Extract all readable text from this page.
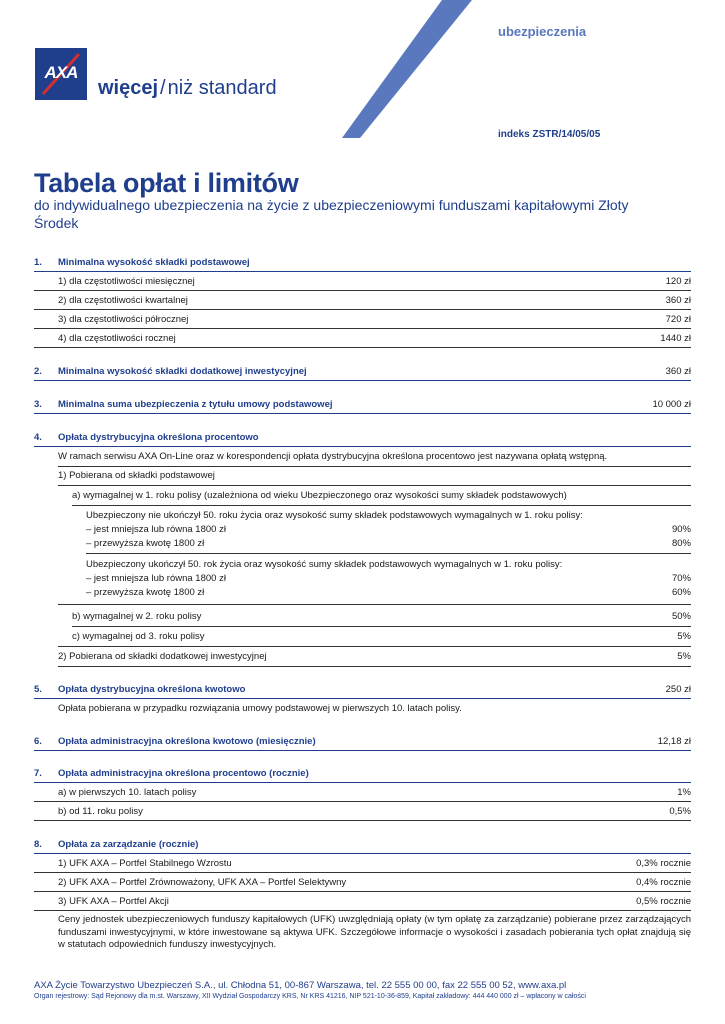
AXA
więcej / niż standard
ubezpieczenia
indeks ZSTR/14/05/05
Tabela opłat i limitów
do indywidualnego ubezpieczenia na życie z ubezpieczeniowymi funduszami kapitałowymi Złoty Środek
1. Minimalna wysokość składki podstawowej
1) dla częstotliwości miesięcznej	120 zł
2) dla częstotliwości kwartalnej	360 zł
3) dla częstotliwości półrocznej	720 zł
4) dla częstotliwości rocznej	1440 zł
2. Minimalna wysokość składki dodatkowej inwestycyjnej	360 zł
3. Minimalna suma ubezpieczenia z tytułu umowy podstawowej	10 000 zł
4. Opłata dystrybucyjna określona procentowo
W ramach serwisu AXA On-Line oraz w korespondencji opłata dystrybucyjna określona procentowo jest nazywana opłatą wstępną.
1) Pobierana od składki podstawowej
a) wymagalnej w 1. roku polisy (uzależniona od wieku Ubezpieczonego oraz wysokości sumy składek podstawowych)
Ubezpieczony nie ukończył 50. roku życia oraz wysokość sumy składek podstawowych wymagalnych w 1. roku polisy:
– jest mniejsza lub równa 1800 zł	90%
– przewyższa kwotę 1800 zł	80%
Ubezpieczony ukończył 50. rok życia oraz wysokość sumy składek podstawowych wymagalnych w 1. roku polisy:
– jest mniejsza lub równa 1800 zł	70%
– przewyższa kwotę 1800 zł	60%
b) wymagalnej w 2. roku polisy	50%
c) wymagalnej od 3. roku polisy	5%
2) Pobierana od składki dodatkowej inwestycyjnej	5%
5. Opłata dystrybucyjna określona kwotowo	250 zł
Opłata pobierana w przypadku rozwiązania umowy podstawowej w pierwszych 10. latach polisy.
6. Opłata administracyjna określona kwotowo (miesięcznie)	12,18 zł
7. Opłata administracyjna określona procentowo (rocznie)
a) w pierwszych 10. latach polisy	1%
b) od 11. roku polisy	0,5%
8. Opłata za zarządzanie (rocznie)
1) UFK AXA – Portfel Stabilnego Wzrostu	0,3% rocznie
2) UFK AXA – Portfel Zrównoważony, UFK AXA – Portfel Selektywny	0,4% rocznie
3) UFK AXA – Portfel Akcji	0,5% rocznie
Ceny jednostek ubezpieczeniowych funduszy kapitałowych (UFK) uwzględniają opłaty (w tym opłatę za zarządzanie) pobierane przez zarządzających funduszami inwestycyjnymi, w które inwestowane są aktywa UFK. Szczegółowe informacje o wysokości i zasadach pobierania tych opłat znajdują się w statutach odpowiednich funduszy inwestycyjnych.
AXA Życie Towarzystwo Ubezpieczeń S.A., ul. Chłodna 51, 00-867 Warszawa, tel. 22 555 00 00, fax 22 555 00 52, www.axa.pl
Organ rejestrowy: Sąd Rejonowy dla m.st. Warszawy, XII Wydział Gospodarczy KRS, Nr KRS 41216, NIP 521-10-36-859, Kapitał zakładowy: 444 440 000 zł – wpłacony w całości
